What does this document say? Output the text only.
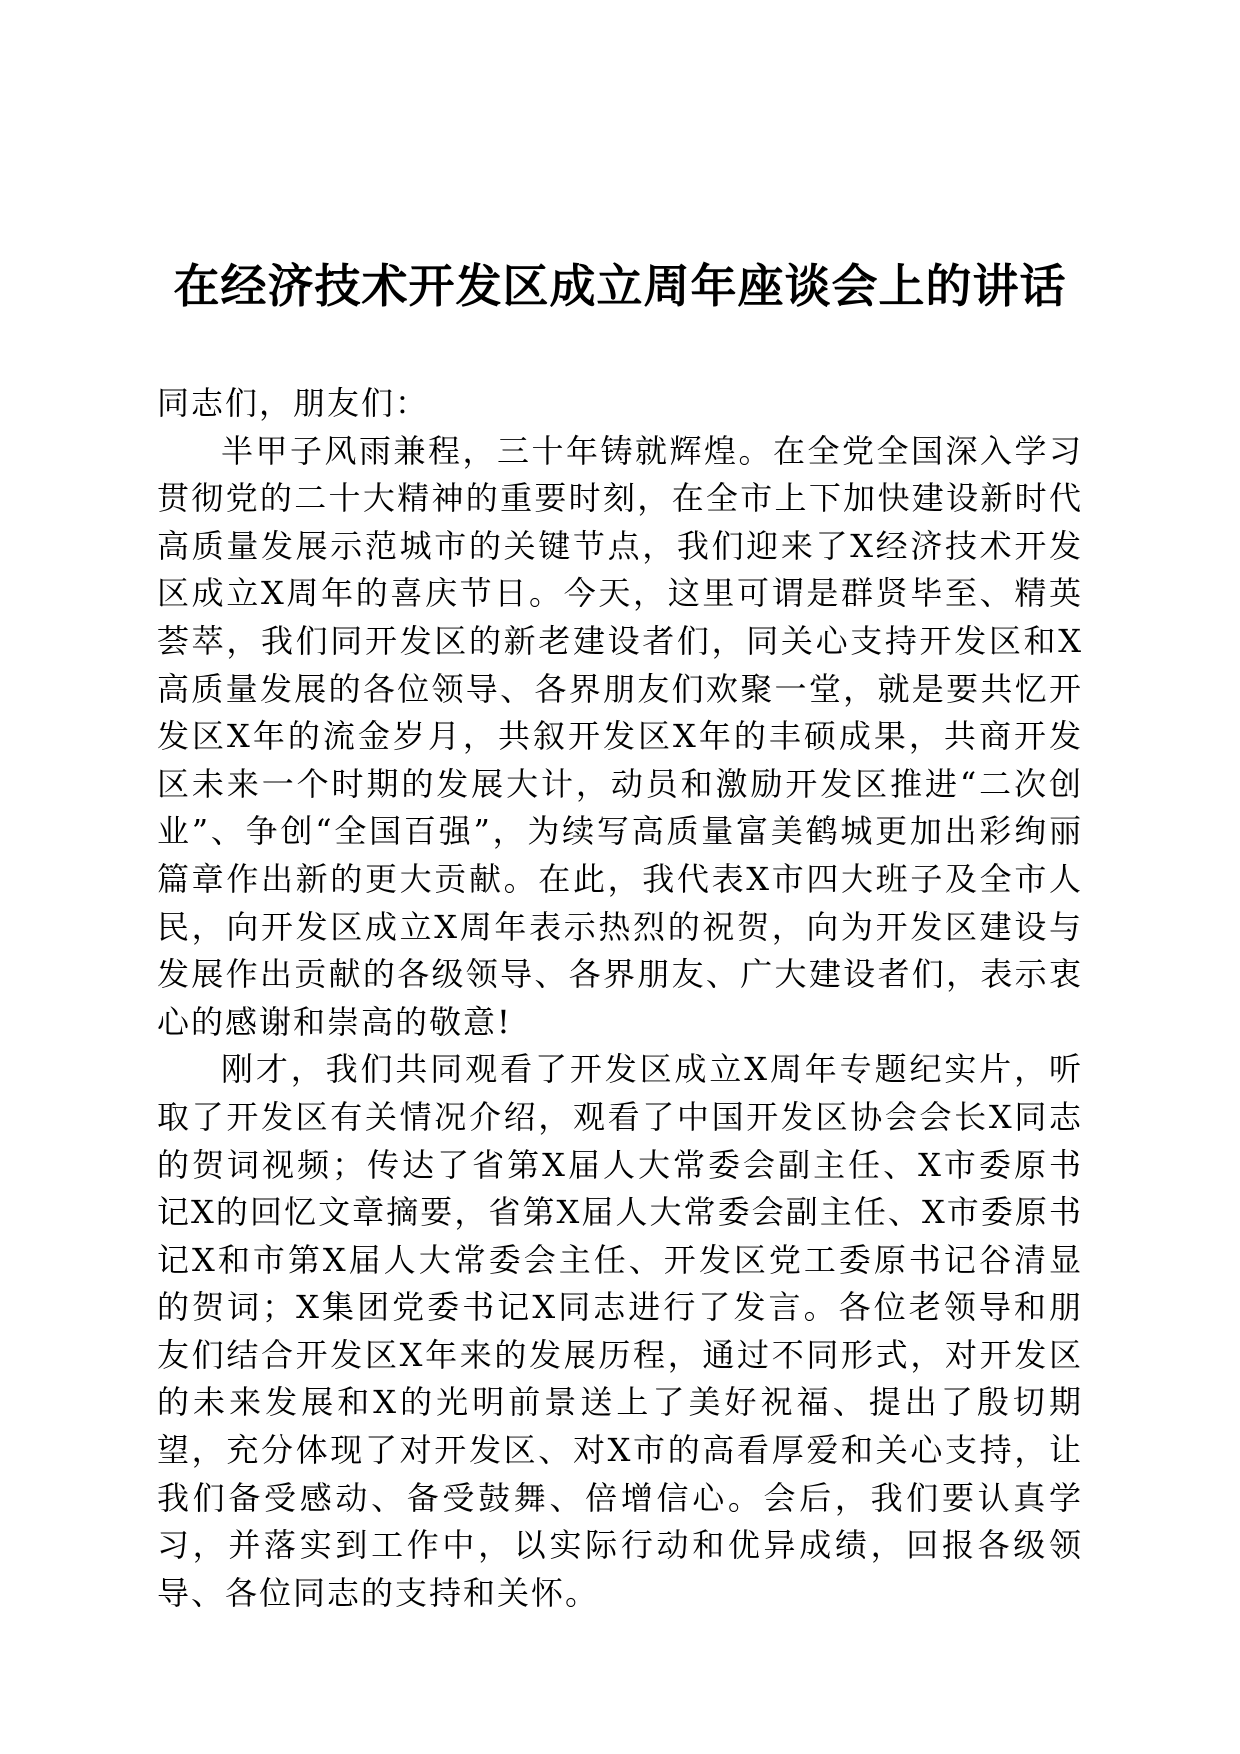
在经济技术开发区成立周年座谈会上的讲话

同志们，朋友们：

半甲子风雨兼程，三十年铸就辉煌。在全党全国深入学习贯彻党的二十大精神的重要时刻，在全市上下加快建设新时代高质量发展示范城市的关键节点，我们迎来了X经济技术开发区成立X周年的喜庆节日。今天，这里可谓是群贤毕至、精英荟萃，我们同开发区的新老建设者们，同关心支持开发区和X高质量发展的各位领导、各界朋友们欢聚一堂，就是要共忆开发区X年的流金岁月，共叙开发区X年的丰硕成果，共商开发区未来一个时期的发展大计，动员和激励开发区推进“二次创业”、争创“全国百强”，为续写高质量富美鹤城更加出彩绚丽篇章作出新的更大贡献。在此，我代表X市四大班子及全市人民，向开发区成立X周年表示热烈的祝贺，向为开发区建设与发展作出贡献的各级领导、各界朋友、广大建设者们，表示衷心的感谢和崇高的敬意!

刚才，我们共同观看了开发区成立X周年专题纪实片，听取了开发区有关情况介绍，观看了中国开发区协会会长X同志的贺词视频；传达了省第X届人大常委会副主任、X市委原书记X的回忆文章摘要，省第X届人大常委会副主任、X市委原书记X和市第X届人大常委会主任、开发区党工委原书记谷清显的贺词；X集团党委书记X同志进行了发言。各位老领导和朋友们结合开发区X年来的发展历程，通过不同形式，对开发区的未来发展和X的光明前景送上了美好祝福、提出了殷切期望，充分体现了对开发区、对X市的高看厚爱和关心支持，让我们备受感动、备受鼓舞、倍增信心。会后，我们要认真学习，并落实到工作中，以实际行动和优异成绩，回报各级领导、各位同志的支持和关怀。
